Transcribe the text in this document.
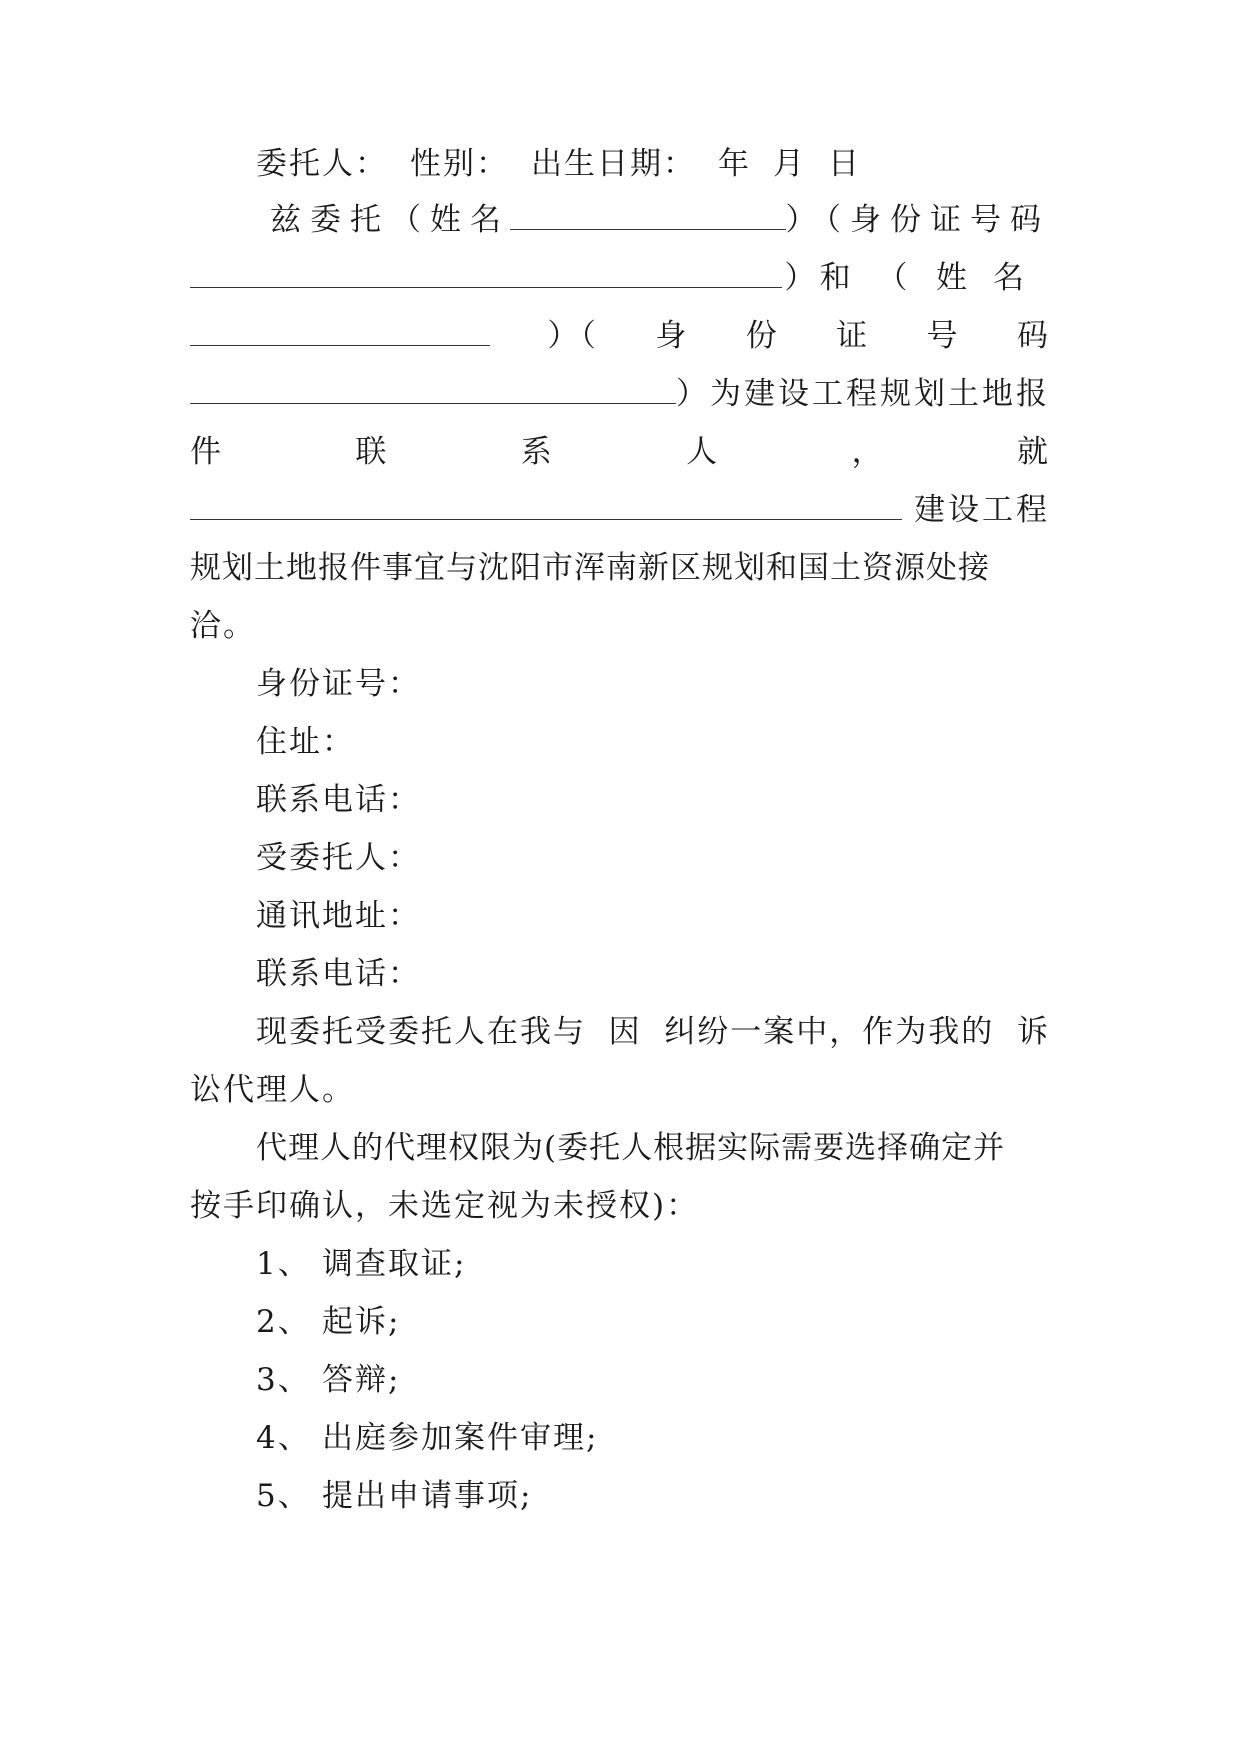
委托人： 性别： 出生日期： 年 月 日
兹委托（姓名	）（身份证号码
） 和（ 姓名
）（ 身 份 证 号 码
）为建设工程规划土地报
件	联	系	人	，	就
建设工程
规划土地报件事宜与沈阳市浑南新区规划和国土资源处接
洽。
身份证号：
住址：
联系电话：
受委托人：
通讯地址：
联系电话：
现委托受委托人在我与 因 纠纷一案中，作为我的 诉
讼代理人。
代理人的代理权限为(委托人根据实际需要选择确定并
按手印确认，未选定视为未授权)：
1、 调查取证;
2、 起诉;
3、 答辩;
4、 出庭参加案件审理;
5、 提出申请事项;
